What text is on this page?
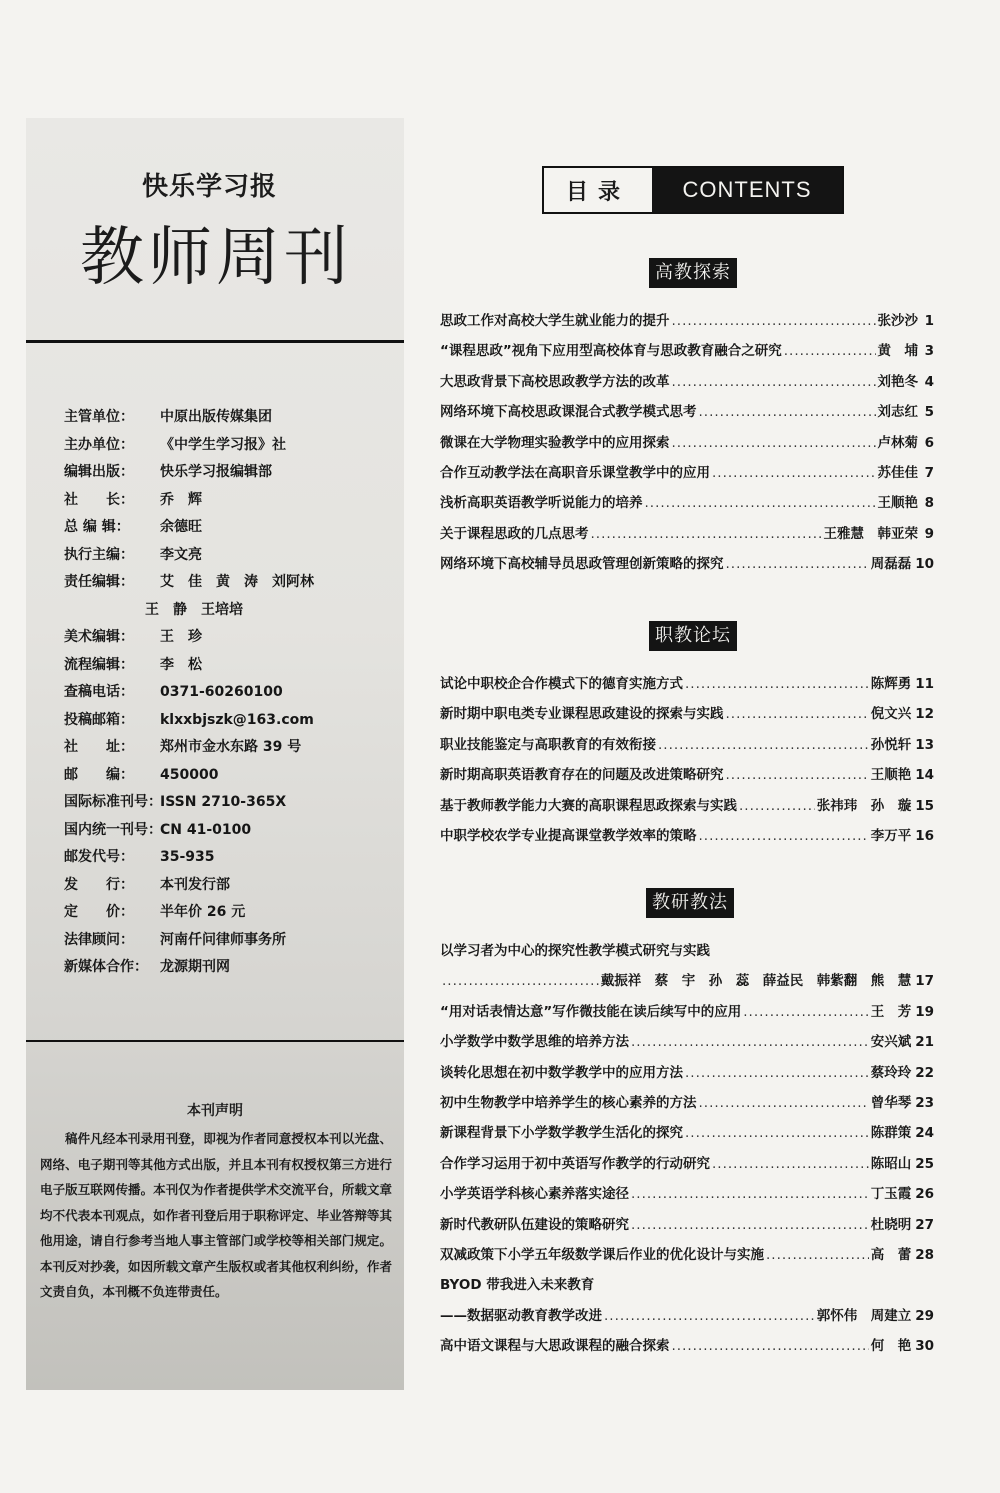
快乐学习报
教师周刊
主管单位： 中原出版传媒集团
主办单位： 《中学生学习报》社
编辑出版： 快乐学习报编辑部
社　　长： 乔　辉
总 编 辑： 余德旺
执行主编： 李文亮
责任编辑： 艾　佳　黄　涛　刘阿林
王　静　王培培
美术编辑： 王　珍
流程编辑： 李　松
查稿电话： 0371-60260100
投稿邮箱： klxxbjszk@163.com
社　　址： 郑州市金水东路 39 号
邮　　编： 450000
国际标准刊号：ISSN 2710-365X
国内统一刊号：CN 41-0100
邮发代号： 35-935
发　　行： 本刊发行部
定　　价： 半年价 26 元
法律顾问： 河南仟问律师事务所
新媒体合作： 龙源期刊网
本刊声明
稿件凡经本刊录用刊登，即视为作者同意授权本刊以光盘、网络、电子期刊等其他方式出版，并且本刊有权授权第三方进行电子版互联网传播。本刊仅为作者提供学术交流平台，所载文章均不代表本刊观点，如作者刊登后用于职称评定、毕业答辩等其他用途，请自行参考当地人事主管部门或学校等相关部门规定。本刊反对抄袭，如因所载文章产生版权或者其他权利纠纷，作者文责自负，本刊概不负连带责任。
目录	CONTENTS
高教探索
思政工作对高校大学生就业能力的提升 .....	张沙沙 1
“课程思政”视角下应用型高校体育与思政教育融合之研究 .....	黄　埔 3
大思政背景下高校思政教学方法的改革 .....	刘艳冬 4
网络环境下高校思政课混合式教学模式思考 .....	刘志红 5
微课在大学物理实验教学中的应用探索 .....	卢林菊 6
合作互动教学法在高职音乐课堂教学中的应用 .....	苏佳佳 7
浅析高职英语教学听说能力的培养 .....	王顺艳 8
关于课程思政的几点思考 .....	王雅慧　韩亚荣 9
网络环境下高校辅导员思政管理创新策略的探究 .....	周磊磊 10
职教论坛
试论中职校企合作模式下的德育实施方式 .....	陈辉勇 11
新时期中职电类专业课程思政建设的探索与实践 .....	倪文兴 12
职业技能鉴定与高职教育的有效衔接 .....	孙悦轩 13
新时期高职英语教育存在的问题及改进策略研究 .....	王顺艳 14
基于教师教学能力大赛的高职课程思政探索与实践 .....	张祎玮　孙　璇 15
中职学校农学专业提高课堂教学效率的策略 .....	李万平 16
教研教法
以学习者为中心的探究性教学模式研究与实践
.....
戴振祥　蔡　宇　孙　蕊　薛益民　韩紫翻　熊　慧 17
“用对话表情达意”写作微技能在读后续写中的应用 .....	王　芳 19
小学数学中数学思维的培养方法 .....	安兴斌 21
谈转化思想在初中数学教学中的应用方法 .....	蔡玲玲 22
初中生物教学中培养学生的核心素养的方法 .....	曾华琴 23
新课程背景下小学数学教学生活化的探究 .....	陈群策 24
合作学习运用于初中英语写作教学的行动研究 .....	陈昭山 25
小学英语学科核心素养落实途径 .....	丁玉霞 26
新时代教研队伍建设的策略研究 .....	杜晓明 27
双减政策下小学五年级数学课后作业的优化设计与实施 .....	高　蕾 28
BYOD 带我进入未来教育
——数据驱动教育教学改进 .....	郭怀伟　周建立 29
高中语文课程与大思政课程的融合探索 .....	何　艳 30
